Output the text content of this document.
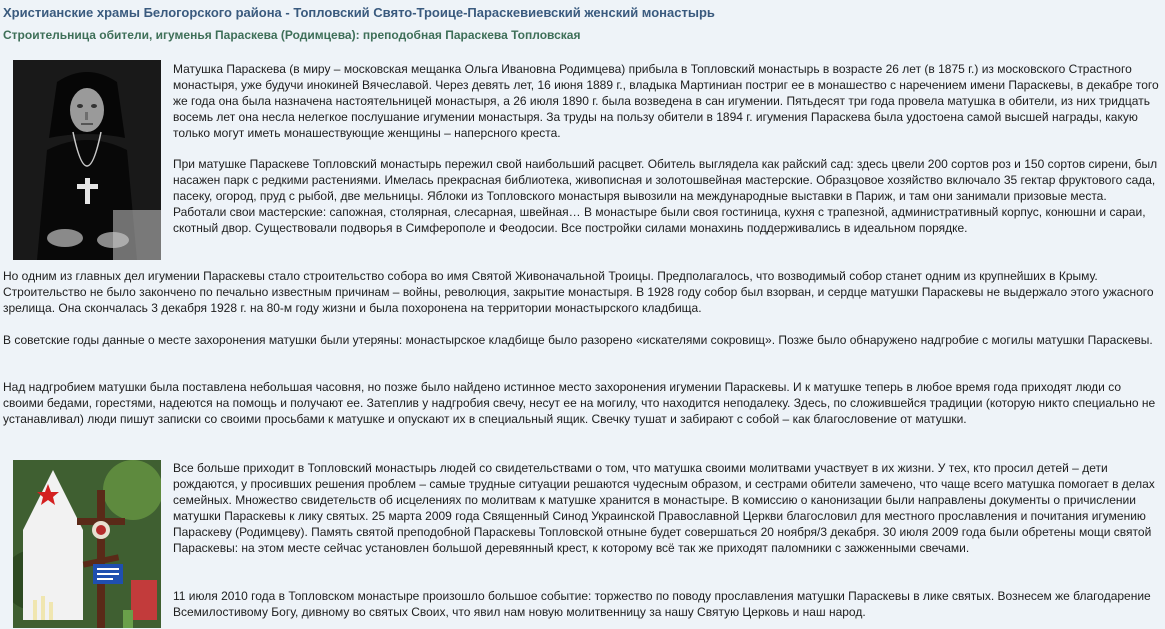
Христианские храмы Белогорского района - Топловский Свято-Троице-Параскевиевский женский монастырь
Строительница обители, игуменья Параскева (Родимцева): преподобная Параскева Топловская

Матушка Параскева (в миру – московская мещанка Ольга Ивановна Родимцева) прибыла в Топловский монастырь в возрасте 26 лет (в 1875 г.) из московского Страстного монастыря, уже будучи инокиней Вячеславой. Через девять лет, 16 июня 1889 г., владыка Мартиниан постриг ее в монашество с наречением имени Параскевы, в декабре того же года она была назначена настоятельницей монастыря, а 26 июля 1890 г. была возведена в сан игумении. Пятьдесят три года провела матушка в обители, из них тридцать восемь лет она несла нелегкое послушание игумении монастыря. За труды на пользу обители в 1894 г. игумения Параскева была удостоена самой высшей награды, какую только могут иметь монашествующие женщины – наперсного креста.

При матушке Параскеве Топловский монастырь пережил свой наибольший расцвет. Обитель выглядела как райский сад: здесь цвели 200 сортов роз и 150 сортов сирени, был насажен парк с редкими растениями. Имелась прекрасная библиотека, живописная и золотошвейная мастерские. Образцовое хозяйство включало 35 гектар фруктового сада, пасеку, огород, пруд с рыбой, две мельницы. Яблоки из Топловского монастыря вывозили на международные выставки в Париж, и там они занимали призовые места. Работали свои мастерские: сапожная, столярная, слесарная, швейная… В монастыре были своя гостиница, кухня с трапезной, административный корпус, конюшни и сараи, скотный двор. Существовали подворья в Симферополе и Феодосии. Все постройки силами монахинь поддерживались в идеальном порядке.

Но одним из главных дел игумении Параскевы стало строительство собора во имя Святой Живоначальной Троицы. Предполагалось, что возводимый собор станет одним из крупнейших в Крыму. Строительство не было закончено по печально известным причинам – войны, революция, закрытие монастыря. В 1928 году собор был взорван, и сердце матушки Параскевы не выдержало этого ужасного зрелища. Она скончалась 3 декабря 1928 г. на 80-м году жизни и была похоронена на территории монастырского кладбища.

В советские годы данные о месте захоронения матушки были утеряны: монастырское кладбище было разорено «искателями сокровищ». Позже было обнаружено надгробие с могилы матушки Параскевы.

Над надгробием матушки была поставлена небольшая часовня, но позже было найдено истинное место захоронения игумении Параскевы. И к матушке теперь в любое время года приходят люди со своими бедами, горестями, надеются на помощь и получают ее. Затеплив у надгробия свечу, несут ее на могилу, что находится неподалеку. Здесь, по сложившейся традиции (которую никто специально не устанавливал) люди пишут записки со своими просьбами к матушке и опускают их в специальный ящик. Свечку тушат и забирают с собой – как благословение от матушки.

Все больше приходит в Топловский монастырь людей со свидетельствами о том, что матушка своими молитвами участвует в их жизни. У тех, кто просил детей – дети рождаются, у просивших решения проблем – самые трудные ситуации решаются чудесным образом, и сестрами обители замечено, что чаще всего матушка помогает в делах семейных. Множество свидетельств об исцелениях по молитвам к матушке хранится в монастыре. В комиссию о канонизации были направлены документы о причислении матушки Параскевы к лику святых. 25 марта 2009 года Священный Синод Украинской Православной Церкви благословил для местного прославления и почитания игумению Параскеву (Родимцеву). Память святой преподобной Параскевы Топловской отныне будет совершаться 20 ноября/3 декабря. 30 июля 2009 года были обретены мощи святой Параскевы: на этом месте сейчас установлен большой деревянный крест, к которому всё так же приходят паломники с зажженными свечами.

11 июля 2010 года в Топловском монастыре произошло большое событие: торжество по поводу прославления матушки Параскевы в лике святых. Вознесем же благодарение Всемилостивому Богу, дивному во святых Своих, что явил нам новую молитвенницу за нашу Святую Церковь и наш народ.
